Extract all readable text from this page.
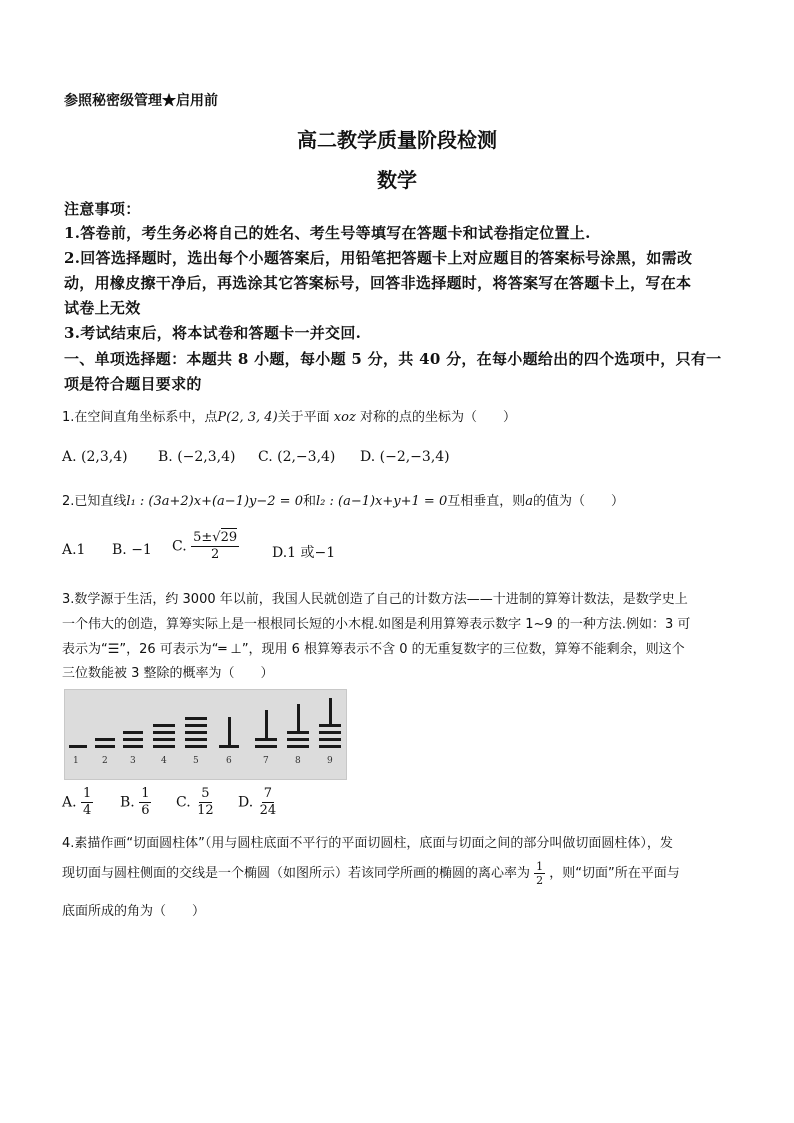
参照秘密级管理★启用前
高二教学质量阶段检测
数学
注意事项：
1.答卷前，考生务必将自己的姓名、考生号等填写在答题卡和试卷指定位置上.
2.回答选择题时，选出每个小题答案后，用铅笔把答题卡上对应题目的答案标号涂黑，如需改
动，用橡皮擦干净后，再选涂其它答案标号，回答非选择题时，将答案写在答题卡上，写在本
试卷上无效
3.考试结束后，将本试卷和答题卡一并交回.
一、单项选择题：本题共 8 小题，每小题 5 分，共 40 分，在每小题给出的四个选项中，只有一
项是符合题目要求的
1.在空间直角坐标系中，点P(2, 3, 4)关于平面 xoz 对称的点的坐标为（　　）
A. (2,3,4) B. (−2,3,4) C. (2,−3,4) D. (−2,−3,4)
2.已知直线l₁ : (3a+2)x+(a−1)y−2 = 0和l₂ : (a−1)x+y+1 = 0互相垂直，则a的值为（　　）
A.1 B. −1 C. $\frac{5\pm√29}{2} D.1$ 或−1
3.数学源于生活，约 3000 年以前，我国人民就创造了自己的计数方法——十进制的算筹计数法，是数学史上
一个伟大的创造，算筹实际上是一根根同长短的小木棍.如图是利用算筹表示数字 1~9 的一种方法.例如：3 可
表示为“☰”，26 可表示为“═ ⊥”，现用 6 根算筹表示不含 0 的无重复数字的三位数，算筹不能剩余，则这个
三位数能被 3 整除的概率为（　　）
1	2 3	4	5	6	7	8	9
A. $\frac{1}{4} B$. $\frac{1}{6} C$. $\frac{5}{12} D$. $\frac{7}{24}$
4.素描作画“切面圆柱体”（用与圆柱底面不平行的平面切圆柱，底面与切面之间的部分叫做切面圆柱体），发
现切面与圆柱侧面的交线是一个椭圆（如图所示）若该同学所画的椭圆的离心率为 $\frac{1}{2}$ ，则“切面”所在平面与
底面所成的角为（　　）
